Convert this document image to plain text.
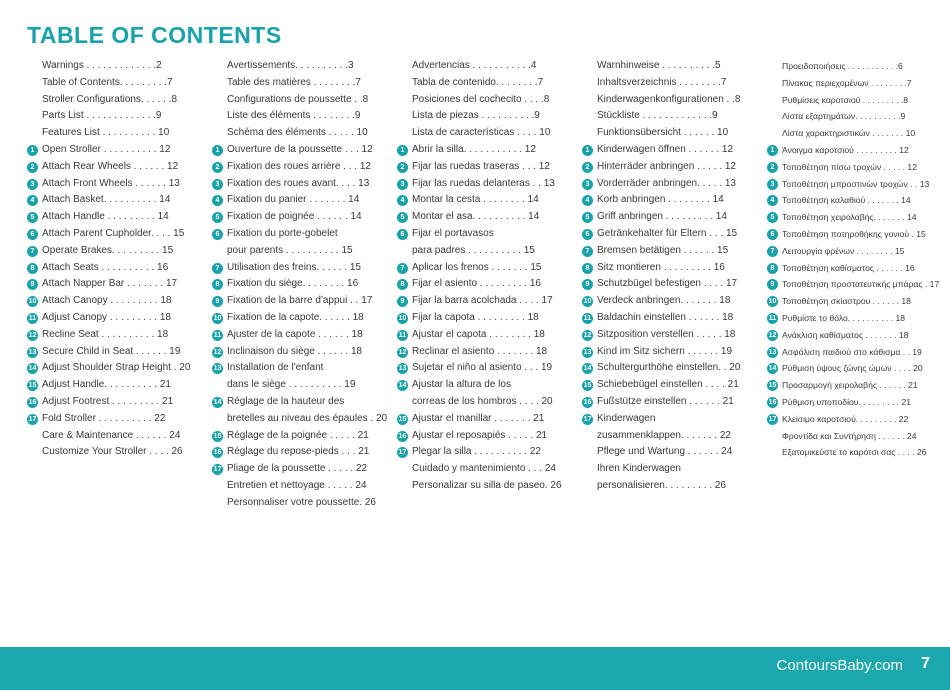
TABLE OF CONTENTS
Warnings . . . . . . . . . . . . .2
Table of Contents. . . . . . . . .7
Stroller Configurations. . . . . .8
Parts List . . . . . . . . . . . . .9
Features List . . . . . . . . . . 10
1 Open Stroller . . . . . . . . . . 12
2 Attach Rear Wheels . . . . . . 12
3 Attach Front Wheels . . . . . . 13
4 Attach Basket. . . . . . . . . . 14
5 Attach Handle . . . . . . . . . 14
6 Attach Parent Cupholder. . . . 15
7 Operate Brakes. . . . . . . . . 15
8 Attach Seats . . . . . . . . . . 16
9 Attach Napper Bar . . . . . . . 17
10 Attach Canopy . . . . . . . . . 18
11 Adjust Canopy . . . . . . . . . 18
12 Recline Seat . . . . . . . . . . 18
13 Secure Child in Seat . . . . . . 19
14 Adjust Shoulder Strap Height . 20
15 Adjust Handle. . . . . . . . . . 21
16 Adjust Footrest . . . . . . . . . 21
17 Fold Stroller . . . . . . . . . . 22
Care & Maintenance . . . . . . 24
Customize Your Stroller . . . . 26
Avertissements. . . . . . . . . .3
Table des matières . . . . . . . .7
Configurations de poussette . .8
Liste des éléments . . . . . . . .9
Schéma des éléments . . . . . 10
1 Ouverture de la poussette . . . 12
2 Fixation des roues arrière . . . 12
3 Fixation des roues avant. . . . 13
4 Fixation du panier . . . . . . . 14
5 Fixation de poignée . . . . . . 14
6 Fixation du porte-gobelet
pour parents . . . . . . . . . . 15
7 Utilisation des freins. . . . . . 15
8 Fixation du siège. . . . . . . . 16
9 Fixation de la barre d'appui . . 17
10 Fixation de la capote. . . . . . 18
11 Ajuster de la capote . . . . . . 18
12 Inclinaison du siège . . . . . . 18
13 Installation de l'enfant
dans le siège . . . . . . . . . . 19
14 Réglage de la hauteur des
bretelles au niveau des épaules . 20
15 Réglage de la poignée . . . . . 21
16 Réglage du repose-pieds . . . 21
17 Pliage de la poussette . . . . . 22
Entretien et nettoyage . . . . . 24
Personnaliser votre poussette. 26
Advertencias . . . . . . . . . . .4
Tabla de contenido. . . . . . . .7
Posiciones del cochecito . . . .8
Lista de piezas . . . . . . . . . .9
Lista de características . . . . 10
1 Abrir la silla. . . . . . . . . . . 12
2 Fijar las ruedas traseras . . . 12
3 Fijar las ruedas delanteras . . 13
4 Montar la cesta . . . . . . . . 14
5 Montar el asa. . . . . . . . . . 14
6 Fijar el portavasos
para padres . . . . . . . . . . 15
7 Aplicar los frenos . . . . . . . 15
8 Fijar el asiento . . . . . . . . . 16
9 Fijar la barra acolchada . . . . 17
10 Fijar la capota . . . . . . . . . 18
11 Ajustar el capota . . . . . . . . 18
12 Reclinar el asiento . . . . . . . 18
13 Sujetar el niño al asiento . . . 19
14 Ajustar la altura de los
correas de los hombros . . . . 20
15 Ajustar el manillar . . . . . . . 21
16 Ajustar el reposapiés . . . . . 21
17 Plegar la silla . . . . . . . . . . 22
Cuidado y mantenimiento . . . 24
Personalizar su silla de paseo. 26
Warnhinweise . . . . . . . . . .5
Inhaltsverzeichnis . . . . . . . .7
Kinderwagenkonfigurationen . .8
Stückliste . . . . . . . . . . . . .9
Funktionsübersicht . . . . . . 10
1 Kinderwagen öffnen . . . . . . 12
2 Hinterräder anbringen . . . . . 12
3 Vorderräder anbringen. . . . . 13
4 Korb anbringen . . . . . . . . 14
5 Griff anbringen . . . . . . . . . 14
6 Getränkehalter für Eltern . . . 15
7 Bremsen betätigen . . . . . . 15
8 Sitz montieren . . . . . . . . . 16
9 Schutzbügel befestigen . . . . 17
10 Verdeck anbringen. . . . . . . 18
11 Baldachin einstellen . . . . . . 18
12 Sitzposition verstellen . . . . . 18
13 Kind im Sitz sichern . . . . . . 19
14 Schultergurthöhe einstellen. . 20
15 Schiebebügel einstellen . . . . 21
16 Fußstütze einstellen . . . . . . 21
17 Kinderwagen
zusammenklappen. . . . . . . 22
Pflege und Wartung . . . . . . 24
Ihren Kinderwagen
personalisieren. . . . . . . . . 26
Προειδοποιήσεις . . . . . . . . . . .6
Πίνακας περιεχομένων . . . . . . . .7
Ρυθμίσεις καροτσιού . . . . . . . . .8
Λίστα εξαρτημάτων. . . . . . . . . .9
Λίστα χαρακτηριστικών . . . . . . . 10
1 Άνοιγμα καροτσιού . . . . . . . . . 12
2 Τοποθέτηση πίσω τροχών . . . . . 12
3 Τοποθέτηση μπροστινών τροχών . . 13
4 Τοποθέτηση καλαθιού . . . . . . . 14
5 Τοποθέτηση χειρολαβής. . . . . . . 14
6 Τοποθέτηση ποτηροθήκης γονιού . 15
7 Λειτουργία φρένων . . . . . . . . 15
8 Τοποθέτηση καθίσματος . . . . . . 16
9 Τοποθέτηση προστατευτικής μπάρας . 17
10 Τοποθέτηση σκίαστρου . . . . . . 18
11 Ρυθμίστε το θόλο. . . . . . . . . . 18
12 Ανάκλιση καθίσματος . . . . . . . 18
13 Ασφάλιση παιδιού στο κάθισμα . . 19
14 Ρύθμιση ύψους ζώνης ώμων . . . . 20
15 Προσαρμογή χειρολαβής . . . . . . 21
16 Ρύθμιση υποποδίου. . . . . . . . . 21
17 Κλείσιμο καροτσιού. . . . . . . . . 22
Φροντίδα και Συντήρηση . . . . . . 24
Εξατομικεύστε το καρότσι σας . . . . 26
ContoursBaby.com 7
